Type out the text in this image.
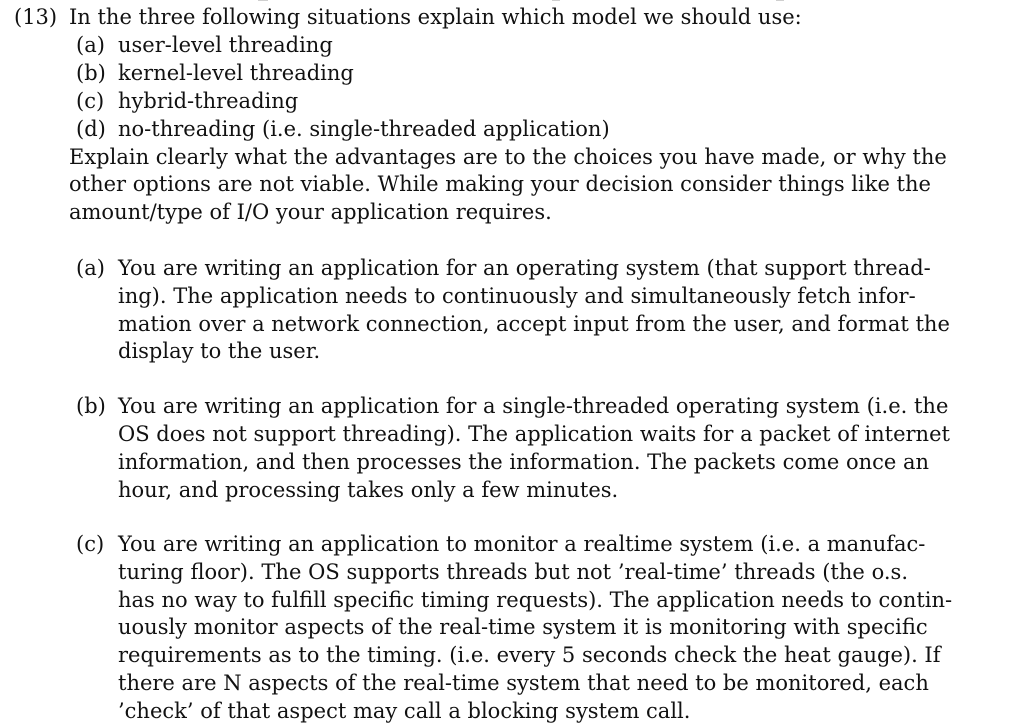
(13) In the three following situations explain which model we should use:
(a) user-level threading
(b) kernel-level threading
(c) hybrid-threading
(d) no-threading (i.e. single-threaded application)
Explain clearly what the advantages are to the choices you have made, or why the
other options are not viable. While making your decision consider things like the
amount/type of I/O your application requires.
(a) You are writing an application for an operating system (that support thread-
ing). The application needs to continuously and simultaneously fetch infor-
mation over a network connection, accept input from the user, and format the
display to the user.
(b) You are writing an application for a single-threaded operating system (i.e. the
OS does not support threading). The application waits for a packet of internet
information, and then processes the information. The packets come once an
hour, and processing takes only a few minutes.
(c) You are writing an application to monitor a realtime system (i.e. a manufac-
turing floor). The OS supports threads but not ’real-time’ threads (the o.s.
has no way to fulfill specific timing requests). The application needs to contin-
uously monitor aspects of the real-time system it is monitoring with specific
requirements as to the timing. (i.e. every 5 seconds check the heat gauge). If
there are N aspects of the real-time system that need to be monitored, each
’check’ of that aspect may call a blocking system call.
